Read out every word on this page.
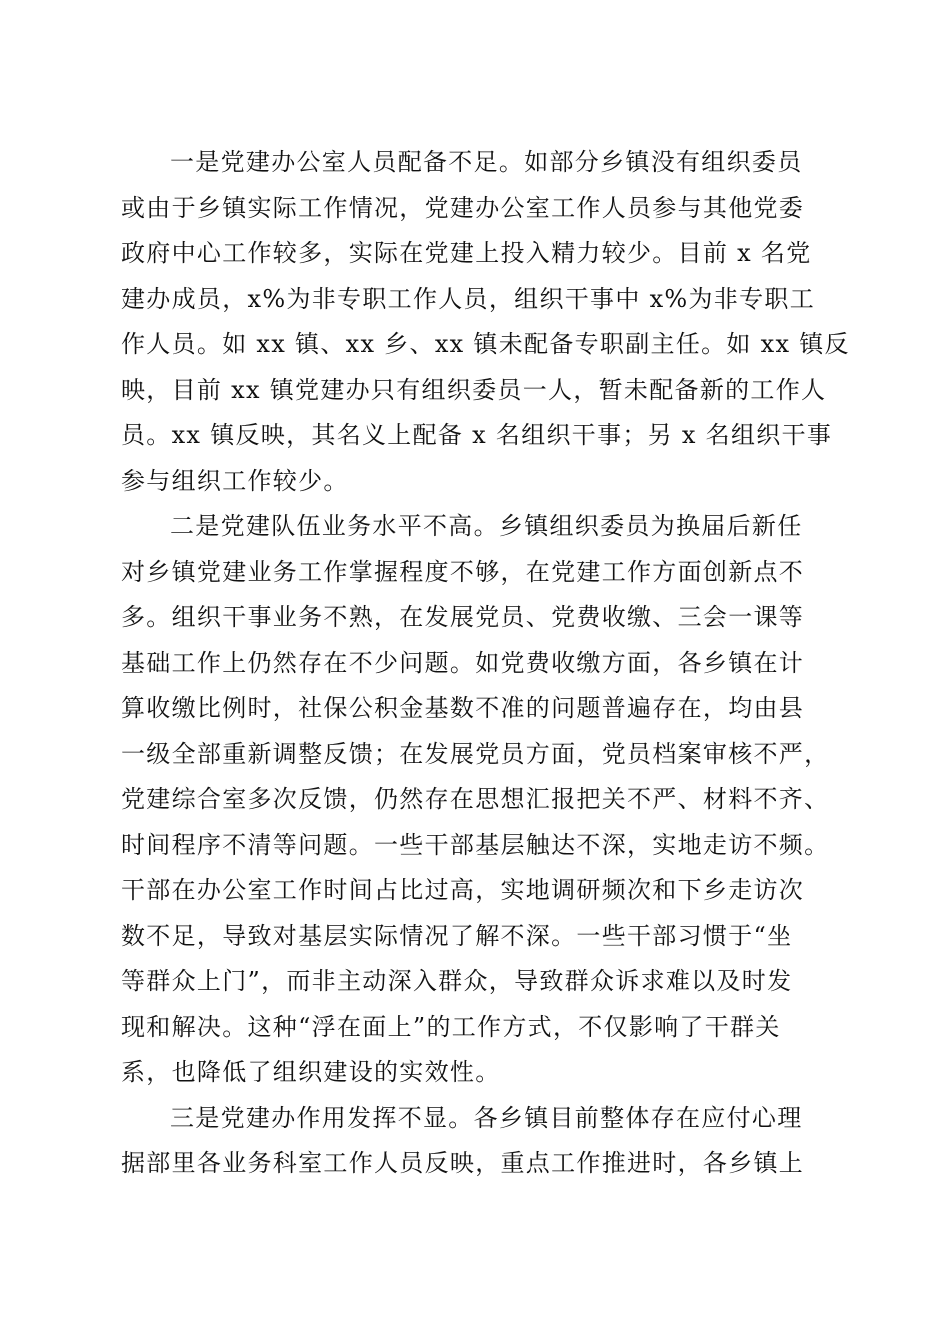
一是党建办公室人员配备不足。如部分乡镇没有组织委员
或由于乡镇实际工作情况，党建办公室工作人员参与其他党委
政府中心工作较多，实际在党建上投入精力较少。目前 x 名党
建办成员，x%为非专职工作人员，组织干事中 x%为非专职工
作人员。如 xx 镇、xx 乡、xx 镇未配备专职副主任。如 xx 镇反
映，目前 xx 镇党建办只有组织委员一人，暂未配备新的工作人
员。xx 镇反映，其名义上配备 x 名组织干事；另 x 名组织干事
参与组织工作较少。
二是党建队伍业务水平不高。乡镇组织委员为换届后新任
对乡镇党建业务工作掌握程度不够，在党建工作方面创新点不
多。组织干事业务不熟，在发展党员、党费收缴、三会一课等
基础工作上仍然存在不少问题。如党费收缴方面，各乡镇在计
算收缴比例时，社保公积金基数不准的问题普遍存在，均由县
一级全部重新调整反馈；在发展党员方面，党员档案审核不严，
党建综合室多次反馈，仍然存在思想汇报把关不严、材料不齐、
时间程序不清等问题。一些干部基层触达不深，实地走访不频。
干部在办公室工作时间占比过高，实地调研频次和下乡走访次
数不足，导致对基层实际情况了解不深。一些干部习惯于“坐
等群众上门”，而非主动深入群众，导致群众诉求难以及时发
现和解决。这种“浮在面上”的工作方式，不仅影响了干群关
系，也降低了组织建设的实效性。
三是党建办作用发挥不显。各乡镇目前整体存在应付心理
据部里各业务科室工作人员反映，重点工作推进时，各乡镇上
